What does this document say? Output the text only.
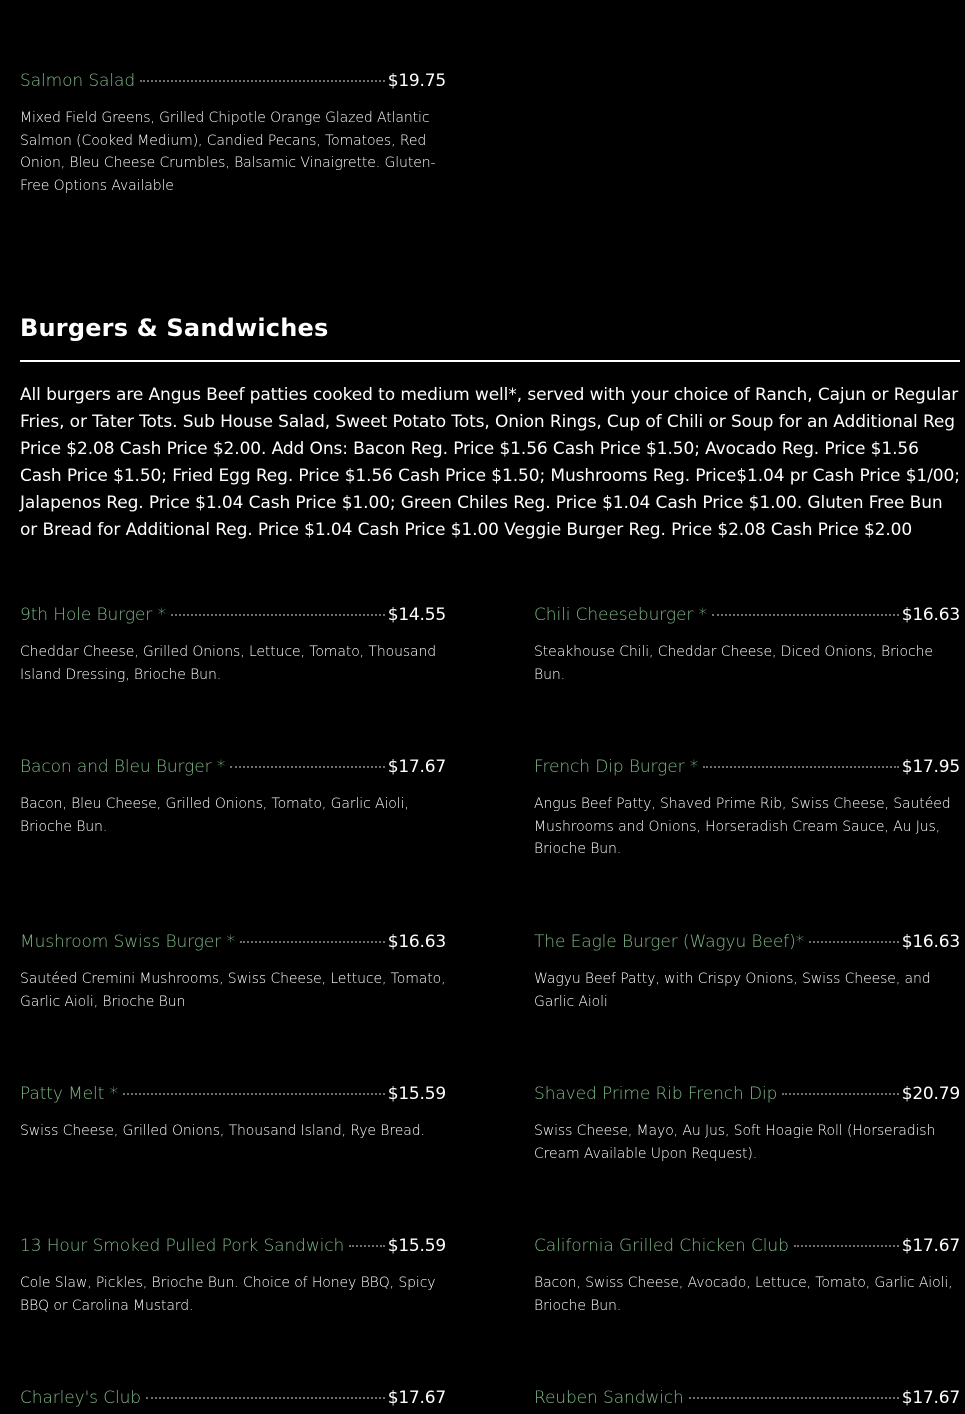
Salmon Salad	$19.75
Mixed Field Greens, Grilled Chipotle Orange Glazed Atlantic Salmon (Cooked Medium), Candied Pecans, Tomatoes, Red Onion, Bleu Cheese Crumbles, Balsamic Vinaigrette. Gluten-Free Options Available
Burgers & Sandwiches
All burgers are Angus Beef patties cooked to medium well*, served with your choice of Ranch, Cajun or Regular Fries, or Tater Tots. Sub House Salad, Sweet Potato Tots, Onion Rings, Cup of Chili or Soup for an Additional Reg Price $2.08 Cash Price $2.00. Add Ons: Bacon Reg. Price $1.56 Cash Price $1.50; Avocado Reg. Price $1.56 Cash Price $1.50; Fried Egg Reg. Price $1.56 Cash Price $1.50; Mushrooms Reg. Price$1.04 pr Cash Price $1/00; Jalapenos Reg. Price $1.04 Cash Price $1.00; Green Chiles Reg. Price $1.04 Cash Price $1.00. Gluten Free Bun or Bread for Additional Reg. Price $1.04 Cash Price $1.00 Veggie Burger Reg. Price $2.08 Cash Price $2.00
9th Hole Burger *	$14.55
Cheddar Cheese, Grilled Onions, Lettuce, Tomato, Thousand Island Dressing, Brioche Bun.
Chili Cheeseburger *	$16.63
Steakhouse Chili, Cheddar Cheese, Diced Onions, Brioche Bun.
Bacon and Bleu Burger *	$17.67
Bacon, Bleu Cheese, Grilled Onions, Tomato, Garlic Aioli, Brioche Bun.
French Dip Burger *	$17.95
Angus Beef Patty, Shaved Prime Rib, Swiss Cheese, Sautéed Mushrooms and Onions, Horseradish Cream Sauce, Au Jus, Brioche Bun.
Mushroom Swiss Burger *	$16.63
Sautéed Cremini Mushrooms, Swiss Cheese, Lettuce, Tomato, Garlic Aioli, Brioche Bun
The Eagle Burger (Wagyu Beef)*	$16.63
Wagyu Beef Patty, with Crispy Onions, Swiss Cheese, and Garlic Aioli
Patty Melt *	$15.59
Swiss Cheese, Grilled Onions, Thousand Island, Rye Bread.
Shaved Prime Rib French Dip	$20.79
Swiss Cheese, Mayo, Au Jus, Soft Hoagie Roll (Horseradish Cream Available Upon Request).
13 Hour Smoked Pulled Pork Sandwich	$15.59
Cole Slaw, Pickles, Brioche Bun. Choice of Honey BBQ, Spicy BBQ or Carolina Mustard.
California Grilled Chicken Club	$17.67
Bacon, Swiss Cheese, Avocado, Lettuce, Tomato, Garlic Aioli, Brioche Bun.
Charley's Club	$17.67	Reuben Sandwich	$17.67
